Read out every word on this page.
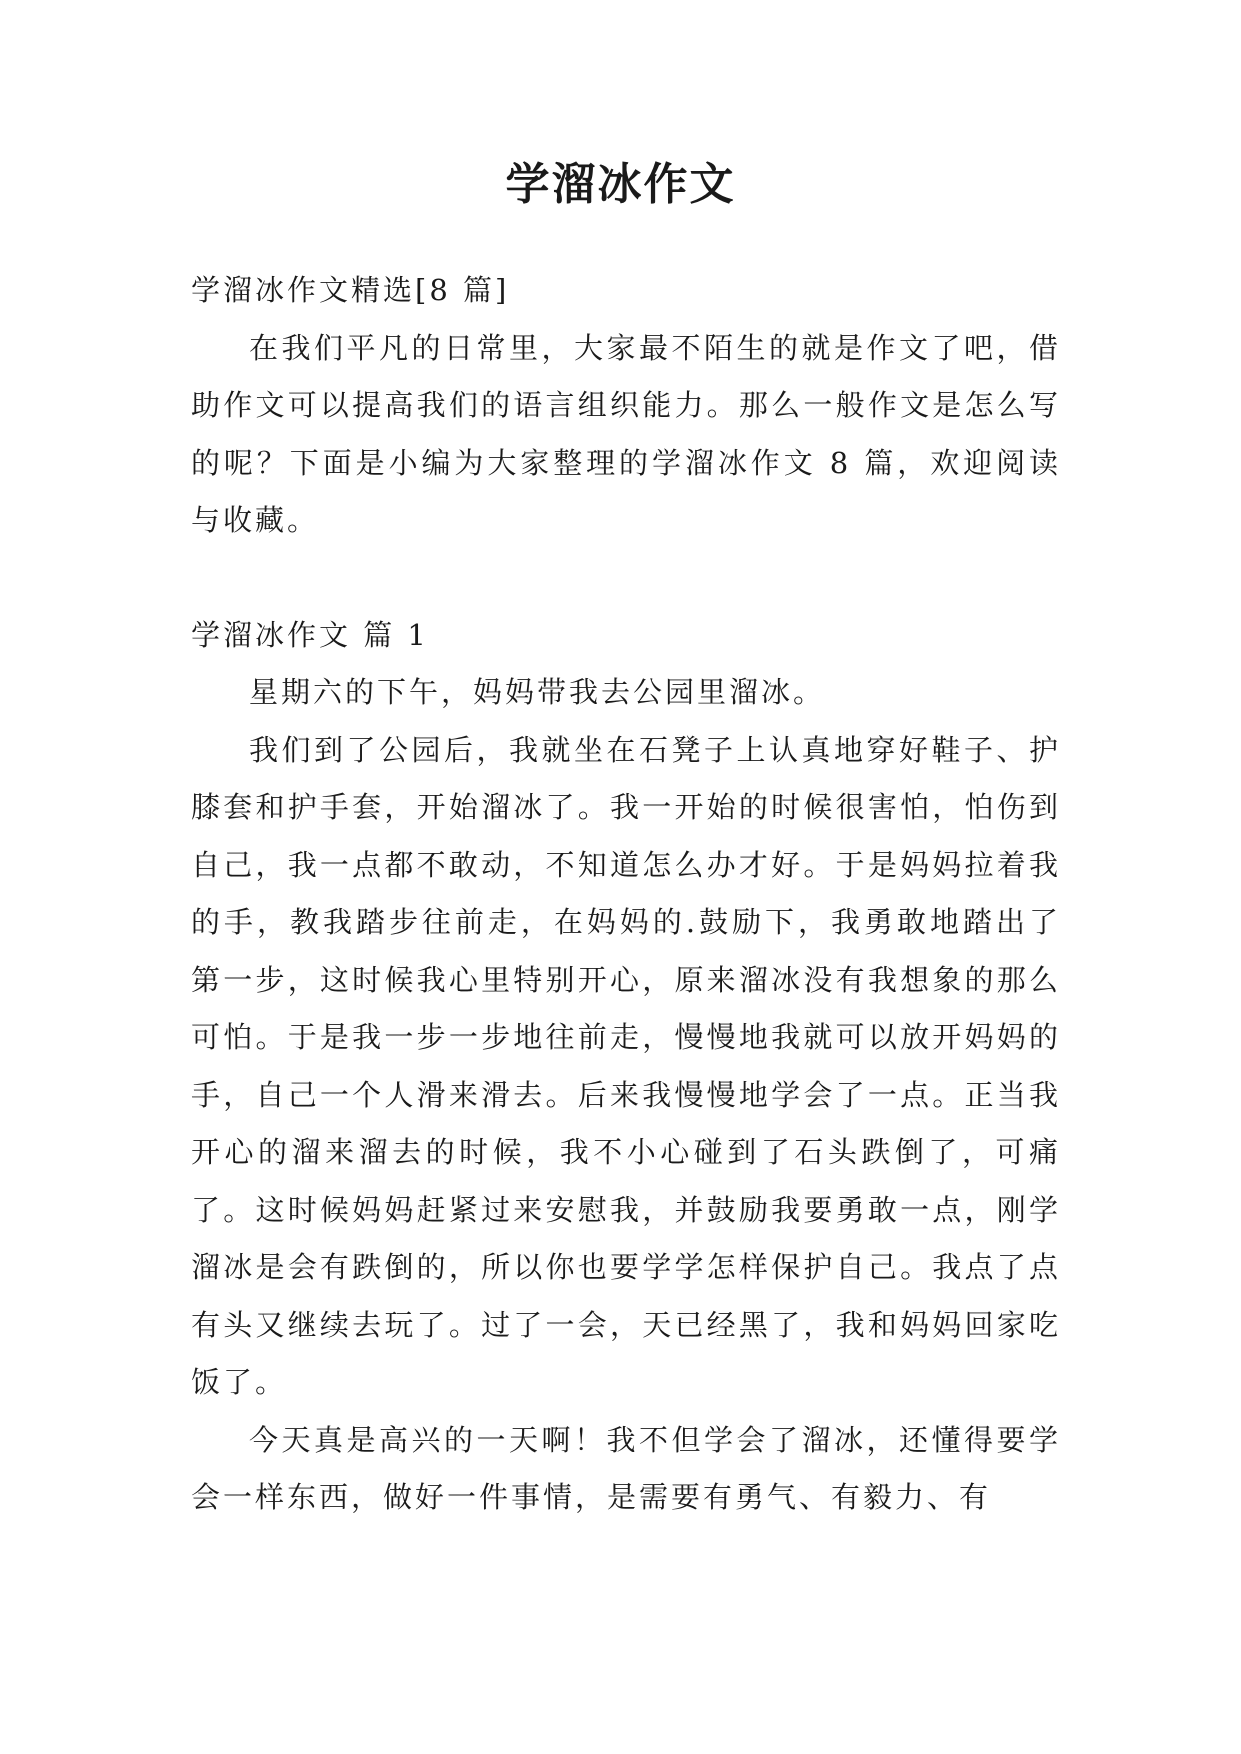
学溜冰作文

学溜冰作文精选[8 篇]

在我们平凡的日常里，大家最不陌生的就是作文了吧，借助作文可以提高我们的语言组织能力。那么一般作文是怎么写的呢？下面是小编为大家整理的学溜冰作文 8 篇，欢迎阅读与收藏。

学溜冰作文 篇 1

星期六的下午，妈妈带我去公园里溜冰。

我们到了公园后，我就坐在石凳子上认真地穿好鞋子、护膝套和护手套，开始溜冰了。我一开始的时候很害怕，怕伤到自己，我一点都不敢动，不知道怎么办才好。于是妈妈拉着我的手，教我踏步往前走，在妈妈的.鼓励下，我勇敢地踏出了第一步，这时候我心里特别开心，原来溜冰没有我想象的那么可怕。于是我一步一步地往前走，慢慢地我就可以放开妈妈的手，自己一个人滑来滑去。后来我慢慢地学会了一点。正当我开心的溜来溜去的时候，我不小心碰到了石头跌倒了，可痛了。这时候妈妈赶紧过来安慰我，并鼓励我要勇敢一点，刚学溜冰是会有跌倒的，所以你也要学学怎样保护自己。我点了点有头又继续去玩了。过了一会，天已经黑了，我和妈妈回家吃饭了。

今天真是高兴的一天啊！我不但学会了溜冰，还懂得要学会一样东西，做好一件事情，是需要有勇气、有毅力、有
